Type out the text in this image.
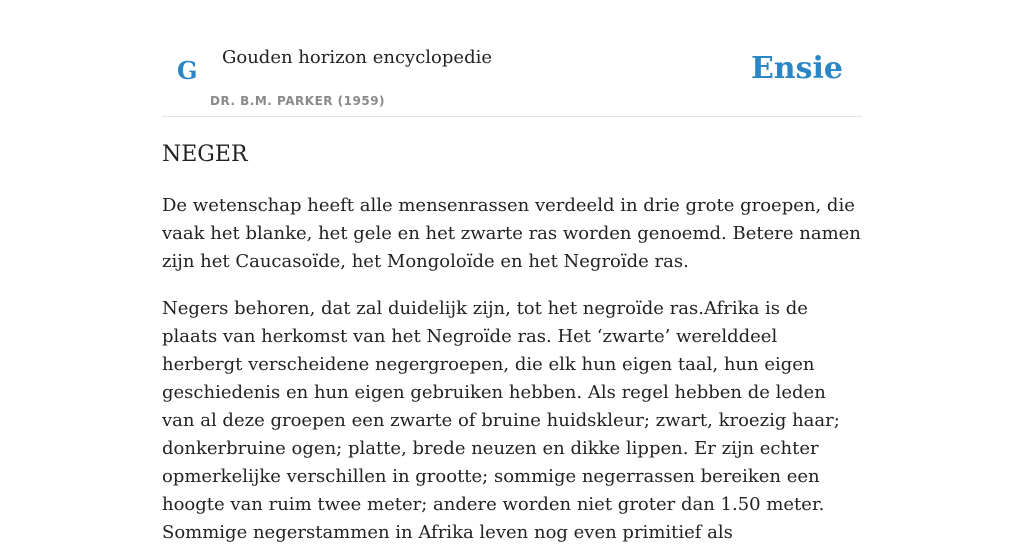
G Gouden horizon encyclopedie
DR. B.M. PARKER (1959)
Ensie
NEGER

De wetenschap heeft alle mensenrassen verdeeld in drie grote groepen, die vaak het blanke, het gele en het zwarte ras worden genoemd. Betere namen zijn het Caucasoïde, het Mongoloïde en het Negroïde ras.

Negers behoren, dat zal duidelijk zijn, tot het negroïde ras.Afrika is de plaats van herkomst van het Negroïde ras. Het ‘zwarte’ werelddeel herbergt verscheidene negergroepen, die elk hun eigen taal, hun eigen geschiedenis en hun eigen gebruiken hebben. Als regel hebben de leden van al deze groepen een zwarte of bruine huidskleur; zwart, kroezig haar; donkerbruine ogen; platte, brede neuzen en dikke lippen. Er zijn echter opmerkelijke verschillen in grootte; sommige negerrassen bereiken een hoogte van ruim twee meter; andere worden niet groter dan 1.50 meter. Sommige negerstammen in Afrika leven nog even primitief als
